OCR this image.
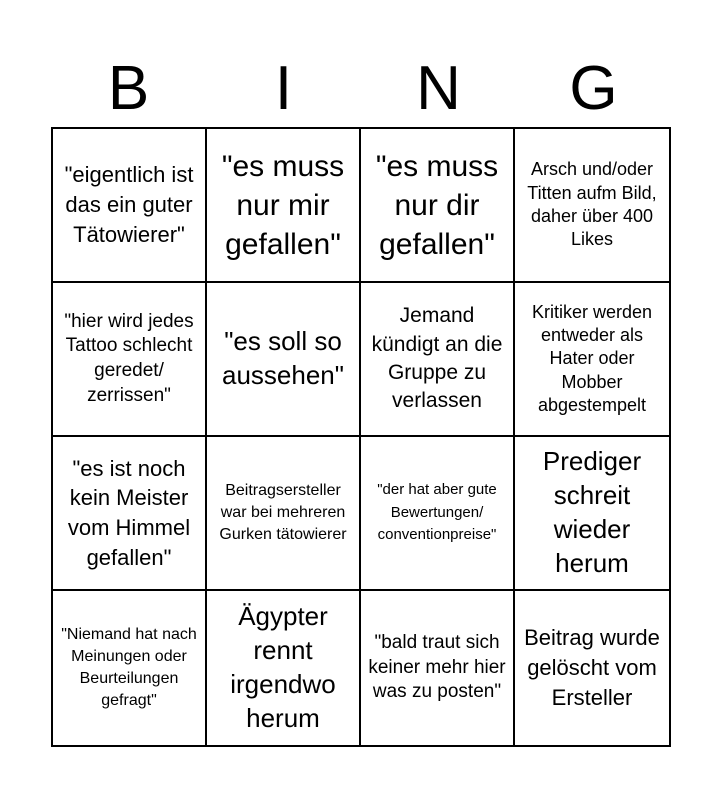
B	I	N	G
"eigentlich ist das ein guter Tätowierer"
"es muss nur mir gefallen"
"es muss nur dir gefallen"
Arsch und/oder Titten aufm Bild, daher über 400 Likes
"hier wird jedes Tattoo schlecht geredet/ zerrissen"
"es soll so aussehen"
Jemand kündigt an die Gruppe zu verlassen
Kritiker werden entweder als Hater oder Mobber abgestempelt
"es ist noch kein Meister vom Himmel gefallen"
Beitragsersteller war bei mehreren Gurken tätowierer
"der hat aber gute Bewertungen/ conventionpreise"
Prediger schreit wieder herum
"Niemand hat nach Meinungen oder Beurteilungen gefragt"
Ägypter rennt irgendwo herum
"bald traut sich keiner mehr hier was zu posten"
Beitrag wurde gelöscht vom Ersteller
